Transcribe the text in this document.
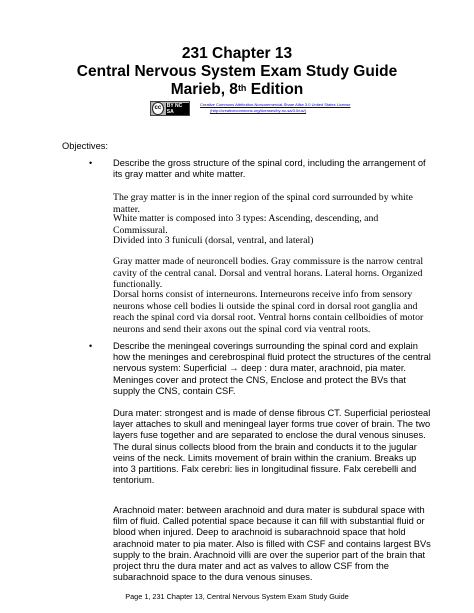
231 Chapter 13
Central Nervous System Exam Study Guide
Marieb, 8th Edition
cc	BY NC SA
Creative Commons Attribution-Noncommercial-Share Alike 3.0 United States License
(http://creativecommons.org/licenses/by-nc-sa/3.0/us/)
Objectives:
• Describe the gross structure of the spinal cord, including the arrangement of its gray matter and white matter.

The gray matter is in the inner region of the spinal cord surrounded by white matter.

White matter is composed into 3 types: Ascending, descending, and Commissural.

Divided into 3 funiculi (dorsal, ventral, and lateral)

Gray matter made of neuroncell bodies. Gray commissure is the narrow central cavity of the central canal. Dorsal and ventral horans. Lateral horns. Organized functionally.

Dorsal horns consist of interneurons. Interneurons receive info from sensory neurons whose cell bodies li outside the spinal cord in dorsal root ganglia and reach the spinal cord via dorsal root. Ventral horns contain cellboidies of motor neurons and send their axons out the spinal cord via ventral roots.

• Describe the meningeal coverings surrounding the spinal cord and explain how the meninges and cerebrospinal fluid protect the structures of the central nervous system: Superficial → deep : dura mater, arachnoid, pia mater.
Meninges cover and protect the CNS, Enclose and protect the BVs that supply the CNS, contain CSF.

Dura mater: strongest and is made of dense fibrous CT. Superficial periosteal layer attaches to skull and meningeal layer forms true cover of brain. The two layers fuse together and are separated to enclose the dural venous sinuses. The dural sinus collects blood from the brain and conducts it to the jugular veins of the neck. Limits movement of brain within the cranium. Breaks up into 3 partitions. Falx cerebri: lies in longitudinal fissure. Falx cerebelli and tentorium.

Arachnoid mater: between arachnoid and dura mater is subdural space with film of fluid. Called potential space because it can fill with substantial fluid or blood when injured. Deep to arachnoid is subarachnoid space that hold arachnoid mater to pia mater. Also is filled with CSF and contains largest BVs supply to the brain. Arachnoid villi are over the superior part of the brain that project thru the dura mater and act as valves to allow CSF from the subarachnoid space to the dura venous sinuses.

Page 1, 231 Chapter 13, Central Nervous System Exam Study Guide
